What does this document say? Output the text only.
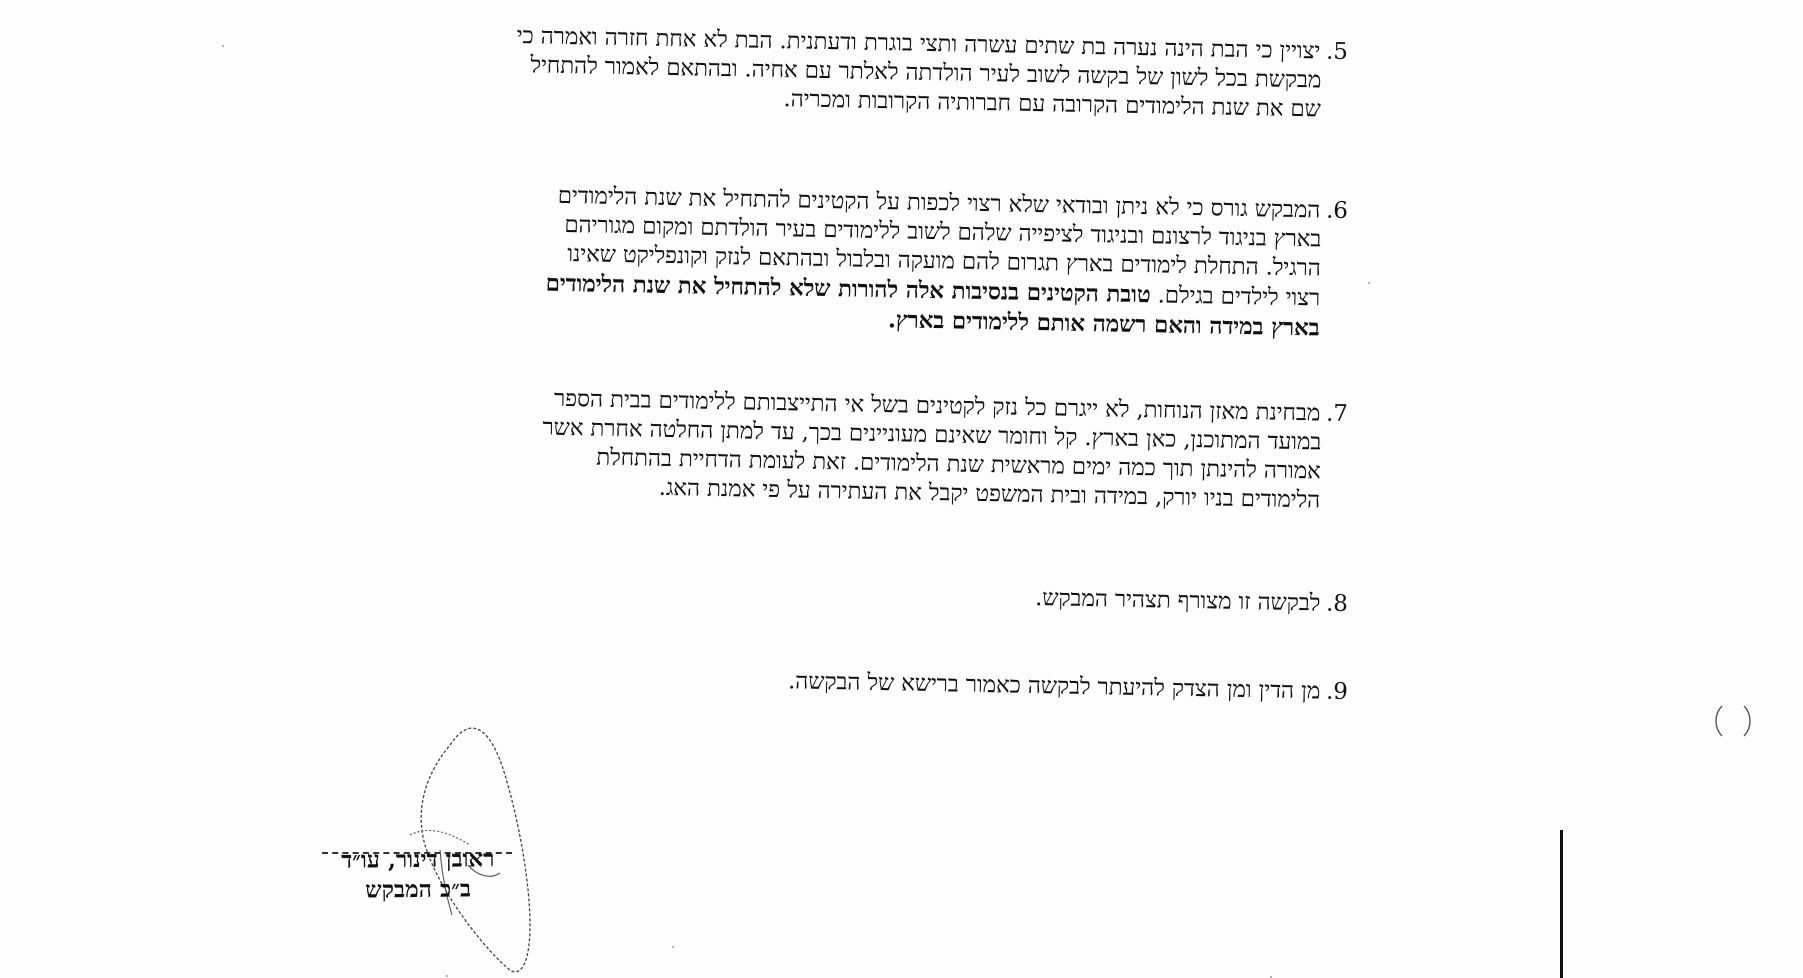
5.יצויין כי הבת הינה נערה בת שתים עשרה ותצי בוגרת ודעתנית. הבת לא אחת חזרה ואמרה כי
מבקשת בכל לשון של בקשה לשוב לעיר הולדתה לאלתר עם אחיה. ובהתאם לאמור להתחיל
שם את שנת הלימודים הקרובה עם חברותיה הקרובות ומכריה.
6.המבקש גורס כי לא ניתן ובודאי שלא רצוי לכפות על הקטינים להתחיל את שנת הלימודים
בארץ בניגוד לרצונם ובניגוד לציפייה שלהם לשוב ללימודים בעיר הולדתם ומקום מגוריהם
הרגיל. התחלת לימודים בארץ תגרום להם מועקה ובלבול ובהתאם לנזק וקונפליקט שאינו
רצוי לילדים בגילם. טובת הקטינים בנסיבות אלה להורות שלא להתחיל את שנת הלימודים
בארץ במידה והאם רשמה אותם ללימודים בארץ.
7.מבחינת מאזן הנוחות, לא ייגרם כל נזק לקטינים בשל אי התייצבותם ללימודים בבית הספר
במועד המתוכנן, כאן בארץ. קל וחומר שאינם מעוניינים בכך, עד למתן החלטה אחרת אשר
אמורה להינתן תוך כמה ימים מראשית שנת הלימודים. זאת לעומת הדחיית בהתחלת
הלימודים בניו יורק, במידה ובית המשפט יקבל את העתירה על פי אמנת האג.
8.לבקשה זו מצורף תצהיר המבקש.
9.מן הדין ומן הצדק להיעתר לבקשה כאמור ברישא של הבקשה.
ראובן דינור, עו״ד
ב״כ המבקש
